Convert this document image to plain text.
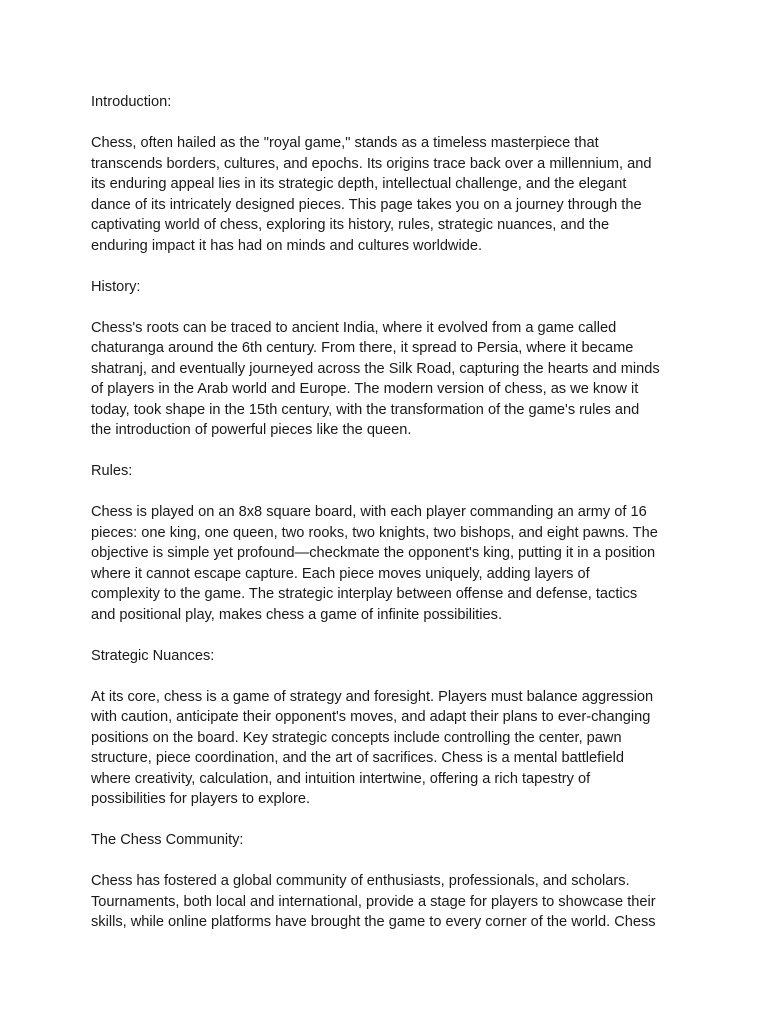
Introduction:

Chess, often hailed as the "royal game," stands as a timeless masterpiece that
transcends borders, cultures, and epochs. Its origins trace back over a millennium, and
its enduring appeal lies in its strategic depth, intellectual challenge, and the elegant
dance of its intricately designed pieces. This page takes you on a journey through the
captivating world of chess, exploring its history, rules, strategic nuances, and the
enduring impact it has had on minds and cultures worldwide.

History:

Chess's roots can be traced to ancient India, where it evolved from a game called
chaturanga around the 6th century. From there, it spread to Persia, where it became
shatranj, and eventually journeyed across the Silk Road, capturing the hearts and minds
of players in the Arab world and Europe. The modern version of chess, as we know it
today, took shape in the 15th century, with the transformation of the game's rules and
the introduction of powerful pieces like the queen.

Rules:

Chess is played on an 8x8 square board, with each player commanding an army of 16
pieces: one king, one queen, two rooks, two knights, two bishops, and eight pawns. The
objective is simple yet profound—checkmate the opponent's king, putting it in a position
where it cannot escape capture. Each piece moves uniquely, adding layers of
complexity to the game. The strategic interplay between offense and defense, tactics
and positional play, makes chess a game of infinite possibilities.

Strategic Nuances:

At its core, chess is a game of strategy and foresight. Players must balance aggression
with caution, anticipate their opponent's moves, and adapt their plans to ever-changing
positions on the board. Key strategic concepts include controlling the center, pawn
structure, piece coordination, and the art of sacrifices. Chess is a mental battlefield
where creativity, calculation, and intuition intertwine, offering a rich tapestry of
possibilities for players to explore.

The Chess Community:

Chess has fostered a global community of enthusiasts, professionals, and scholars.
Tournaments, both local and international, provide a stage for players to showcase their
skills, while online platforms have brought the game to every corner of the world. Chess
